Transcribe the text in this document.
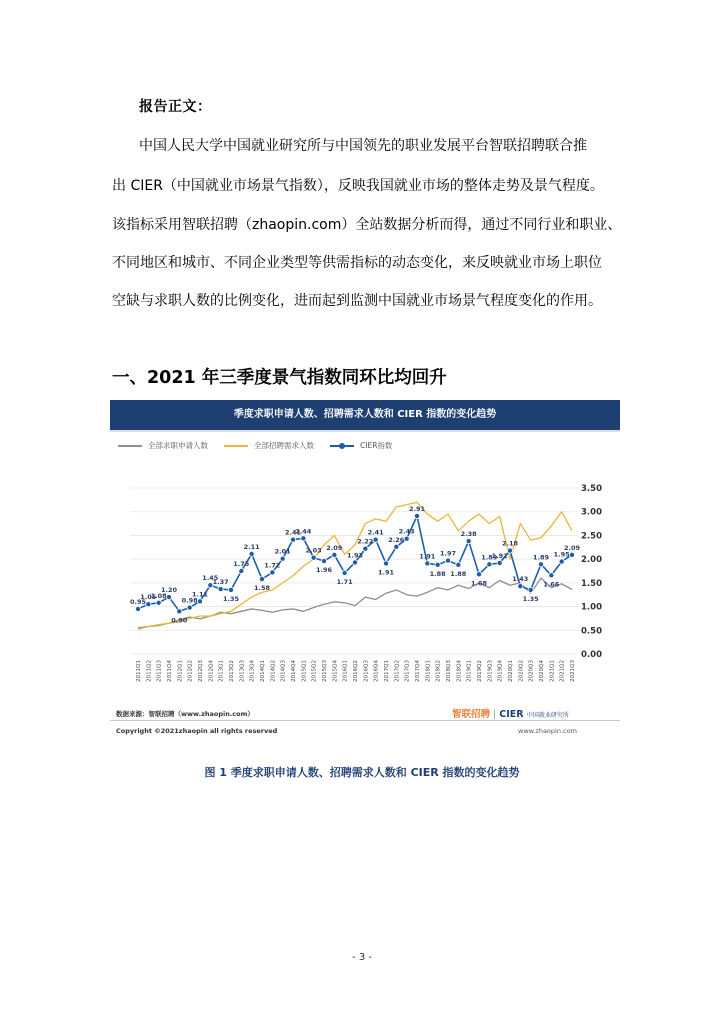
报告正文：
中国人民大学中国就业研究所与中国领先的职业发展平台智联招聘联合推
出 CIER（中国就业市场景气指数），反映我国就业市场的整体走势及景气程度。
该指标采用智联招聘（zhaopin.com）全站数据分析而得，通过不同行业和职业、
不同地区和城市、不同企业类型等供需指标的动态变化，来反映就业市场上职位
空缺与求职人数的比例变化，进而起到监测中国就业市场景气程度变化的作用。
一、2021 年三季度景气指数同环比均回升
季度求职申请人数、招聘需求人数和 CIER 指数的变化趋势
全部求职申请人数	全部招聘需求人数	CIER指数
0.00
0.50
1.00
1.50
2.00
2.50
3.00
3.50
2011Q1 2011Q2 2011Q3 2011Q4 2012Q1 2012Q2 2012Q3 2012Q4 2013Q1 2013Q2 2013Q3 2013Q4 2014Q1 2014Q2 2014Q3 2014Q4 2015Q1 2015Q2 2015Q3 2015Q4 2016Q1 2016Q2 2016Q3 2016Q4 2017Q1 2017Q2 2017Q3 2017Q4 2018Q1 2018Q2 2018Q3 2018Q4 2019Q1 2019Q2 2019Q3 2019Q4 2020Q1 2020Q2 2020Q3 2020Q4 2021Q1 2021Q2 2021Q3
0.95
1.05
1.08
1.20
0.90
0.98
1.11
1.45
1.37
1.35
1.75
2.11
1.58
1.72
2.01
2.41
2.44
2.03
1.96
2.09
1.71
1.93
2.22
2.41
1.91
2.26
2.43
2.91
1.91
1.88
1.97
1.88
2.38
1.68
1.89
1.92
2.18
1.43
1.35
1.89
1.66
1.95
2.09
数据来源：智联招聘（www.zhaopin.com）	智联招聘 | CIER 中国就业研究所
Copyright ©2021zhaopin all rights reserved	www.zhaopin.com
图 1 季度求职申请人数、招聘需求人数和 CIER 指数的变化趋势
- 3 -
